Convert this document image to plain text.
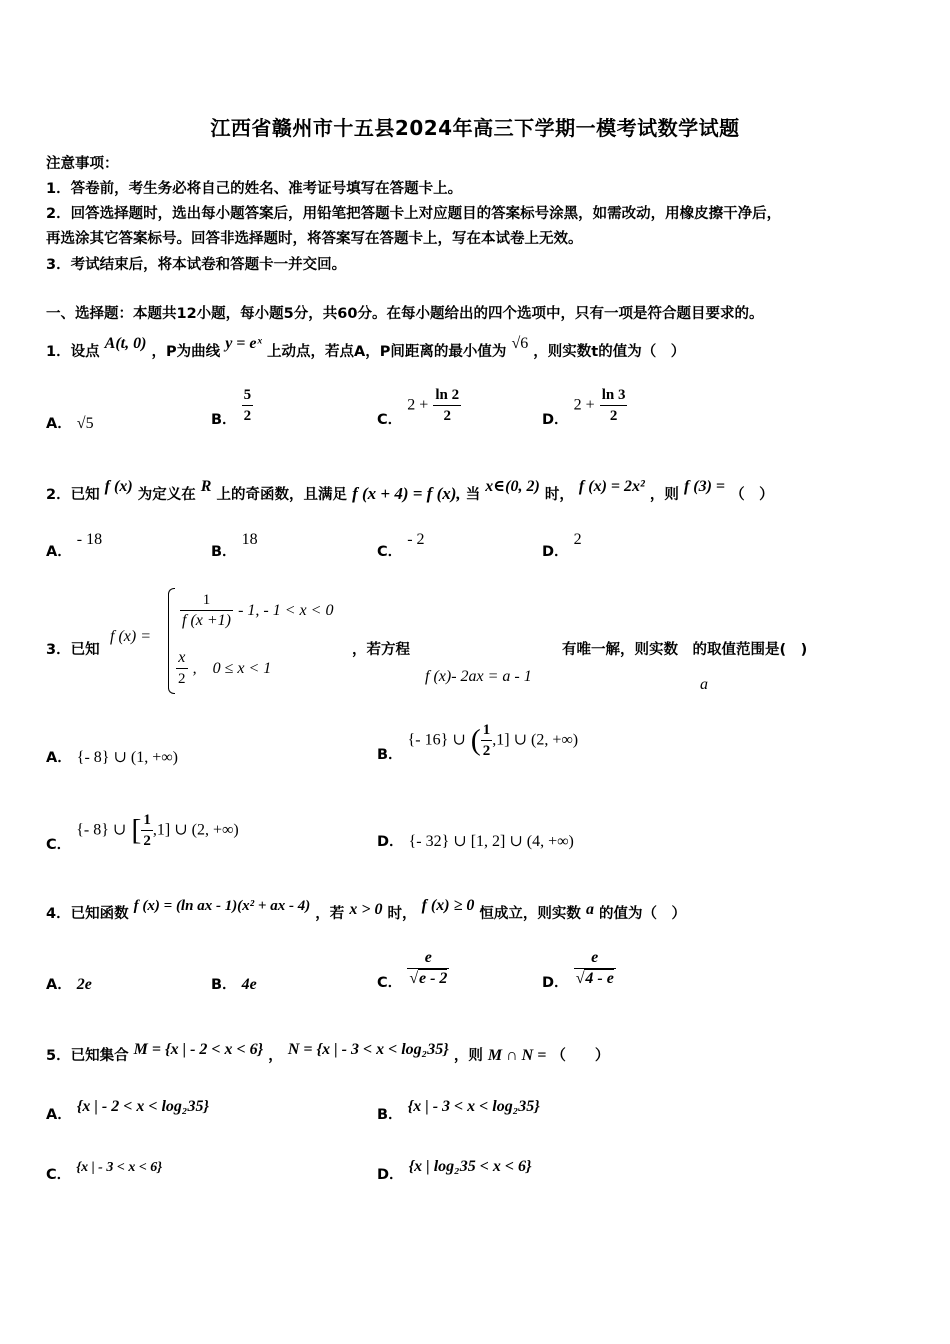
江西省赣州市十五县2024年高三下学期一模考试数学试题
注意事项：
1．答卷前，考生务必将自己的姓名、准考证号填写在答题卡上。
2．回答选择题时，选出每小题答案后，用铅笔把答题卡上对应题目的答案标号涂黑，如需改动，用橡皮擦干净后，
再选涂其它答案标号。回答非选择题时，将答案写在答题卡上，写在本试卷上无效。
3．考试结束后，将本试卷和答题卡一并交回。
一、选择题：本题共12小题，每小题5分，共60分。在每小题给出的四个选项中，只有一项是符合题目要求的。
1．设点 A(t, 0) ，P为曲线 y = eˣ 上动点，若点A，P间距离的最小值为 √6 ，则实数t的值为（　）
A． √5	B． $\frac{5}{2}$	C． $2 + \frac{\ln 2}{2}$	D． $2 + \frac{\ln 3}{2}$
2．已知 f (x) 为定义在 R 上的奇函数，且满足 f (x + 4) = f (x), 当 x∈(0, 2) 时， f (x) = 2x² ，则 f (3) = （　）
A． - 18
B． 18
C． - 2
D． 2
3．已知
f (x) =
$\frac{1}{f (x +1)} - 1$, - 1 < x < 0
$\frac{x}{2}$ ,　0 ≤ x < 1
，若方程	有唯一解，则实数　的取值范围是(　)
f (x)- 2ax = a - 1	a
A． {- 8} ∪ (1, +∞)	B． {- 16} ∪ ( $\frac{1}{2} ,1$] ∪ (2, +∞)
C． {- 8} ∪ [ $\frac{1}{2} ,1$] ∪ (2, +∞)
D． {- 32} ∪ [1, 2] ∪ (4, +∞)
4．已知函数 f (x) = (ln ax - 1)(x² + ax - 4) ，若 x > 0 时， f (x) ≥ 0 恒成立，则实数 a 的值为（　）
A． 2e	B． 4e	C． $\frac{e}{√e - 2}$	D． $\frac{e}{√4 - e}$
5．已知集合 M = {x | - 2 < x < 6} ， N = {x | - 3 < x < log₂35} ，则 M ∩ N = （　　）
A． {x | - 2 < x < log₂35}	B． {x | - 3 < x < log₂35}
C． {x | - 3 < x < 6}	D． {x | log₂35 < x < 6}
